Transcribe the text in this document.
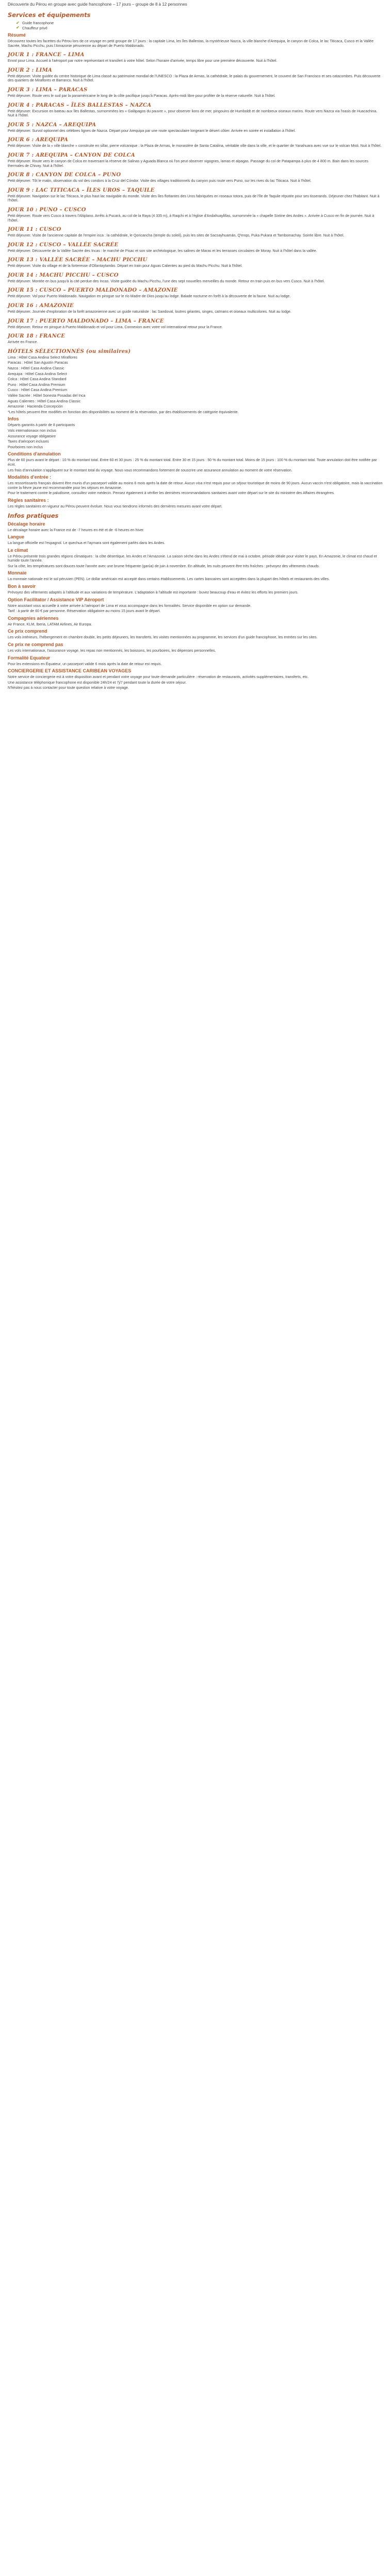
Découverte du Pérou en groupe avec guide francophone – 17 jours – groupe de 8 à 12 personnes
Services et équipements
✔ Guide francophone
✔ Chauffeur privé
Résumé

Découvrez toutes les facettes du Pérou lors de ce voyage en petit groupe de 17 jours : la capitale Lima, les îles Ballestas, la mystérieuse Nazca, la ville blanche d'Arequipa, le canyon de Colca, le lac Titicaca, Cusco et la Vallée Sacrée, Machu Picchu, puis l'Amazonie péruvienne au départ de Puerto Maldonado.

JOUR 1 : FRANCE – LIMA

Envol pour Lima. Accueil à l'aéroport par notre représentant et transfert à votre hôtel. Selon l'horaire d'arrivée, temps libre pour une première découverte. Nuit à l'hôtel.

JOUR 2 : LIMA

Petit déjeuner. Visite guidée du centre historique de Lima classé au patrimoine mondial de l'UNESCO : la Plaza de Armas, la cathédrale, le palais du gouvernement, le couvent de San Francisco et ses catacombes. Puis découverte des quartiers de Miraflores et Barranco. Nuit à l'hôtel.

JOUR 3 : LIMA – PARACAS

Petit déjeuner. Route vers le sud par la panaméricaine le long de la côte pacifique jusqu'à Paracas. Après-midi libre pour profiter de la réserve naturelle. Nuit à l'hôtel.

JOUR 4 : PARACAS – ÎLES BALLESTAS – NAZCA

Petit déjeuner. Excursion en bateau aux îles Ballestas, surnommées les « Galápagos du pauvre », pour observer lions de mer, pingouins de Humboldt et de nombreux oiseaux marins. Route vers Nazca via l'oasis de Huacachina. Nuit à l'hôtel.

JOUR 5 : NAZCA – AREQUIPA

Petit déjeuner. Survol optionnel des célèbres lignes de Nazca. Départ pour Arequipa par une route spectaculaire longeant le désert côtier. Arrivée en soirée et installation à l'hôtel.

JOUR 6 : AREQUIPA

Petit déjeuner. Visite de la « ville blanche » construite en sillar, pierre volcanique : la Plaza de Armas, le monastère de Santa Catalina, véritable ville dans la ville, et le quartier de Yanahuara avec vue sur le volcan Misti. Nuit à l'hôtel.

JOUR 7 : AREQUIPA – CANYON DE COLCA

Petit déjeuner. Route vers le canyon de Colca en traversant la réserve de Salinas y Aguada Blanca où l'on peut observer vigognes, lamas et alpagas. Passage du col de Patapampa à plus de 4 800 m. Bain dans les sources thermales de Chivay. Nuit à l'hôtel.

JOUR 8 : CANYON DE COLCA – PUNO

Petit déjeuner. Tôt le matin, observation du vol des condors à la Cruz del Cóndor. Visite des villages traditionnels du canyon puis route vers Puno, sur les rives du lac Titicaca. Nuit à l'hôtel.

JOUR 9 : LAC TITICACA – ÎLES UROS – TAQUILE

Petit déjeuner. Navigation sur le lac Titicaca, le plus haut lac navigable du monde. Visite des îles flottantes des Uros fabriquées en roseaux totora, puis de l'île de Taquile réputée pour ses tisserands. Déjeuner chez l'habitant. Nuit à l'hôtel.

JOUR 10 : PUNO – CUSCO

Petit déjeuner. Route vers Cusco à travers l'Altiplano. Arrêts à Pucará, au col de la Raya (4 335 m), à Raqchi et à l'église d'Andahuaylillas, surnommée la « chapelle Sixtine des Andes ». Arrivée à Cusco en fin de journée. Nuit à l'hôtel.

JOUR 11 : CUSCO

Petit déjeuner. Visite de l'ancienne capitale de l'empire inca : la cathédrale, le Qoricancha (temple du soleil), puis les sites de Sacsayhuamán, Q'enqo, Puka Pukara et Tambomachay. Soirée libre. Nuit à l'hôtel.

JOUR 12 : CUSCO – VALLÉE SACRÉE

Petit déjeuner. Découverte de la Vallée Sacrée des Incas : le marché de Pisac et son site archéologique, les salines de Maras et les terrasses circulaires de Moray. Nuit à l'hôtel dans la vallée.

JOUR 13 : VALLÉE SACRÉE – MACHU PICCHU

Petit déjeuner. Visite du village et de la forteresse d'Ollantaytambo. Départ en train pour Aguas Calientes au pied du Machu Picchu. Nuit à l'hôtel.

JOUR 14 : MACHU PICCHU – CUSCO

Petit déjeuner. Montée en bus jusqu'à la cité perdue des Incas. Visite guidée du Machu Picchu, l'une des sept nouvelles merveilles du monde. Retour en train puis en bus vers Cusco. Nuit à l'hôtel.

JOUR 15 : CUSCO – PUERTO MALDONADO – AMAZONIE

Petit déjeuner. Vol pour Puerto Maldonado. Navigation en pirogue sur le río Madre de Dios jusqu'au lodge. Balade nocturne en forêt à la découverte de la faune. Nuit au lodge.

JOUR 16 : AMAZONIE

Petit déjeuner. Journée d'exploration de la forêt amazonienne avec un guide naturaliste : lac Sandoval, loutres géantes, singes, caïmans et oiseaux multicolores. Nuit au lodge.

JOUR 17 : PUERTO MALDONADO – LIMA – FRANCE

Petit déjeuner. Retour en pirogue à Puerto Maldonado et vol pour Lima. Connexion avec votre vol international retour pour la France.

JOUR 18 : FRANCE

Arrivée en France.

HÔTELS SÉLECTIONNÉS (ou similaires)

Lima : Hôtel Casa Andina Select Miraflores

Paracas : Hôtel San Agustín Paracas

Nazca : Hôtel Casa Andina Classic

Arequipa : Hôtel Casa Andina Select

Colca : Hôtel Casa Andina Standard

Puno : Hôtel Casa Andina Premium

Cusco : Hôtel Casa Andina Premium

Vallée Sacrée : Hôtel Sonesta Posadas del Inca

Aguas Calientes : Hôtel Casa Andina Classic

Amazonie : Hacienda Concepción

*Les hôtels peuvent être modifiés en fonction des disponibilités au moment de la réservation, par des établissements de catégorie équivalente.

Infos

Départs garantis à partir de 8 participants

Vols internationaux non inclus

Assurance voyage obligatoire

Taxes d'aéroport incluses

Pourboires non inclus

Conditions d'annulation

Plus de 60 jours avant le départ : 10 % du montant total. Entre 60 et 30 jours : 25 % du montant total. Entre 30 et 15 jours : 50 % du montant total. Moins de 15 jours : 100 % du montant total. Toute annulation doit être notifiée par écrit.

Les frais d'annulation s'appliquent sur le montant total du voyage. Nous vous recommandons fortement de souscrire une assurance annulation au moment de votre réservation.

Modalités d'entrée :

Les ressortissants français doivent être munis d'un passeport valide au moins 6 mois après la date de retour. Aucun visa n'est requis pour un séjour touristique de moins de 90 jours. Aucun vaccin n'est obligatoire, mais la vaccination contre la fièvre jaune est recommandée pour les séjours en Amazonie.

Pour le traitement contre le paludisme, consultez votre médecin. Pensez également à vérifier les dernières recommandations sanitaires avant votre départ sur le site du ministère des Affaires étrangères.

Règles sanitaires :

Les règles sanitaires en vigueur au Pérou peuvent évoluer. Nous vous tiendrons informés des dernières mesures avant votre départ.

Infos pratiques
Décalage horaire

Le décalage horaire avec la France est de -7 heures en été et de -6 heures en hiver.

Langue

La langue officielle est l'espagnol. Le quechua et l'aymara sont également parlés dans les Andes.

Le climat

Le Pérou présente trois grandes régions climatiques : la côte désertique, les Andes et l'Amazonie. La saison sèche dans les Andes s'étend de mai à octobre, période idéale pour visiter le pays. En Amazonie, le climat est chaud et humide toute l'année.

Sur la côte, les températures sont douces toute l'année avec une brume fréquente (garúa) de juin à novembre. En altitude, les nuits peuvent être très fraîches : prévoyez des vêtements chauds.

Monnaie

La monnaie nationale est le sol péruvien (PEN). Le dollar américain est accepté dans certains établissements. Les cartes bancaires sont acceptées dans la plupart des hôtels et restaurants des villes.

Bon à savoir

Prévoyez des vêtements adaptés à l'altitude et aux variations de température. L'adaptation à l'altitude est importante : buvez beaucoup d'eau et évitez les efforts les premiers jours.

Option Facilitator / Assistance VIP Aéroport

Notre assistant vous accueille à votre arrivée à l'aéroport de Lima et vous accompagne dans les formalités. Service disponible en option sur demande.

Tarif : à partir de 60 € par personne. Réservation obligatoire au moins 15 jours avant le départ.

Compagnies aériennes

Air France, KLM, Iberia, LATAM Airlines, Air Europa.

Ce prix comprend

Les vols intérieurs, l'hébergement en chambre double, les petits déjeuners, les transferts, les visites mentionnées au programme, les services d'un guide francophone, les entrées sur les sites.

Ce prix ne comprend pas

Les vols internationaux, l'assurance voyage, les repas non mentionnés, les boissons, les pourboires, les dépenses personnelles.

Formalité Equateur

Pour les extensions en Équateur, un passeport valide 6 mois après la date de retour est requis.

CONCIERGERIE ET ASSISTANCE CARIBEAN VOYAGES

Notre service de conciergerie est à votre disposition avant et pendant votre voyage pour toute demande particulière : réservation de restaurants, activités supplémentaires, transferts, etc.

Une assistance téléphonique francophone est disponible 24h/24 et 7j/7 pendant toute la durée de votre séjour.

N'hésitez pas à nous contacter pour toute question relative à votre voyage.
